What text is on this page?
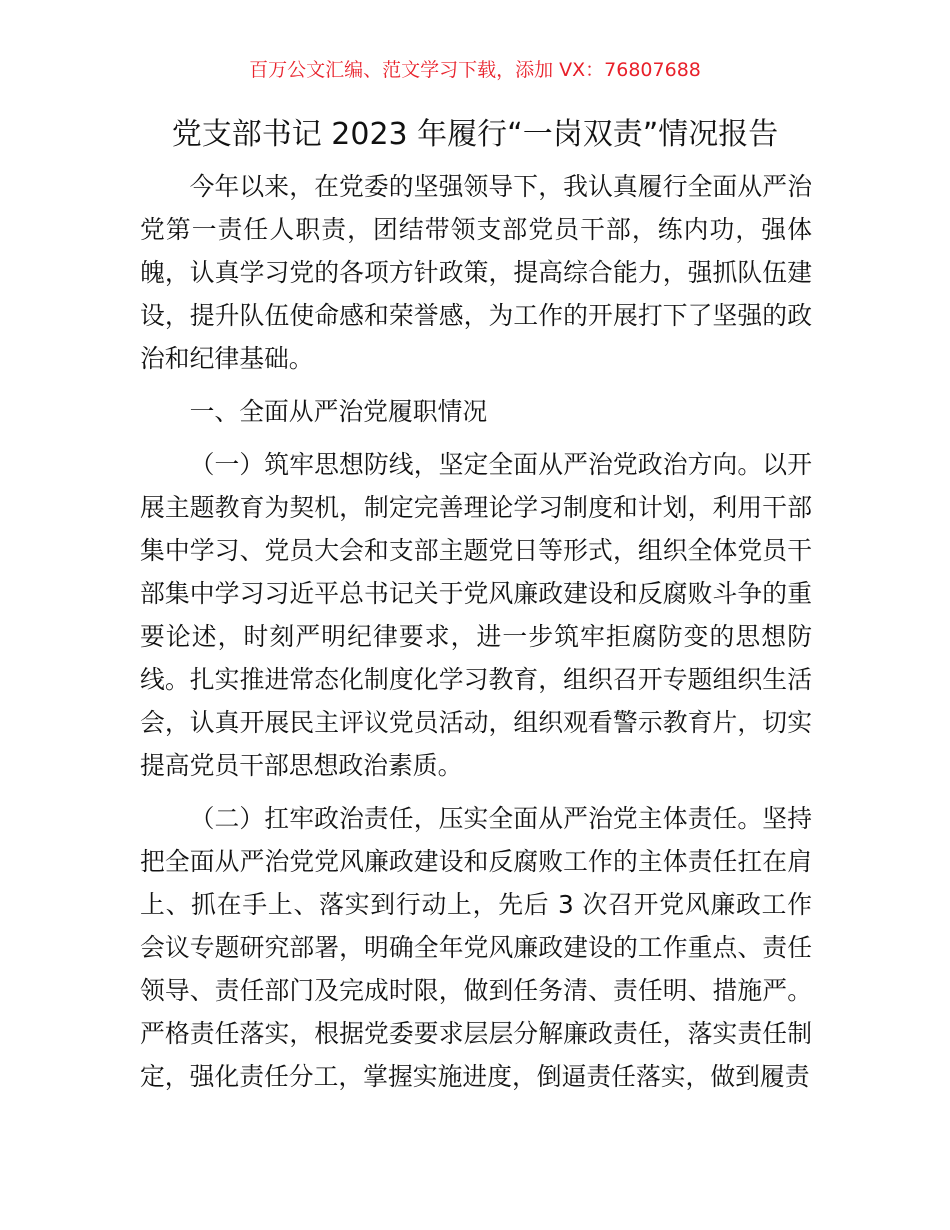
百万公文汇编、范文学习下载，添加 VX：76807688
党支部书记 2023 年履行“一岗双责”情况报告

今年以来，在党委的坚强领导下，我认真履行全面从严治党第一责任人职责，团结带领支部党员干部，练内功，强体魄，认真学习党的各项方针政策，提高综合能力，强抓队伍建设，提升队伍使命感和荣誉感，为工作的开展打下了坚强的政治和纪律基础。

一、全面从严治党履职情况

（一）筑牢思想防线，坚定全面从严治党政治方向。以开展主题教育为契机，制定完善理论学习制度和计划，利用干部集中学习、党员大会和支部主题党日等形式，组织全体党员干部集中学习习近平总书记关于党风廉政建设和反腐败斗争的重要论述，时刻严明纪律要求，进一步筑牢拒腐防变的思想防线。扎实推进常态化制度化学习教育，组织召开专题组织生活会，认真开展民主评议党员活动，组织观看警示教育片，切实提高党员干部思想政治素质。

（二）扛牢政治责任，压实全面从严治党主体责任。坚持把全面从严治党党风廉政建设和反腐败工作的主体责任扛在肩上、抓在手上、落实到行动上，先后 3 次召开党风廉政工作会议专题研究部署，明确全年党风廉政建设的工作重点、责任领导、责任部门及完成时限，做到任务清、责任明、措施严。严格责任落实，根据党委要求层层分解廉政责任，落实责任制定，强化责任分工，掌握实施进度，倒逼责任落实，做到履责
